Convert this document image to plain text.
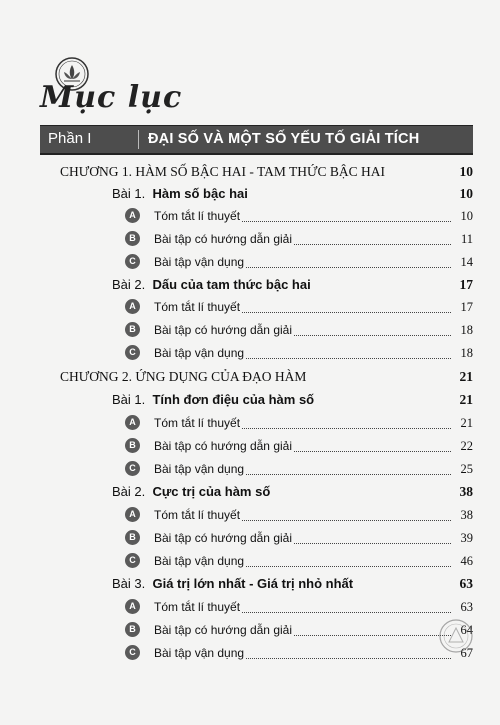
Mục lục
Phần I	ĐẠI SỐ VÀ MỘT SỐ YẾU TỐ GIẢI TÍCH
CHƯƠNG 1. HÀM SỐ BẬC HAI - TAM THỨC BẬC HAI	10
Bài 1. Hàm số bậc hai	10
A	Tóm tắt lí thuyết	10
B	Bài tập có hướng dẫn giải	11
C	Bài tập vận dụng	14
Bài 2. Dấu của tam thức bậc hai	17
A	Tóm tắt lí thuyết	17
B	Bài tập có hướng dẫn giải	18
C	Bài tập vận dụng	18
CHƯƠNG 2. ỨNG DỤNG CỦA ĐẠO HÀM	21
Bài 1. Tính đơn điệu của hàm số	21
A	Tóm tắt lí thuyết	21
B	Bài tập có hướng dẫn giải	22
C	Bài tập vận dụng	25
Bài 2. Cực trị của hàm số	38
A	Tóm tắt lí thuyết	38
B	Bài tập có hướng dẫn giải	39
C	Bài tập vận dụng	46
Bài 3. Giá trị lớn nhất - Giá trị nhỏ nhất	63
A	Tóm tắt lí thuyết	63
B	Bài tập có hướng dẫn giải	64
C	Bài tập vận dụng	67
